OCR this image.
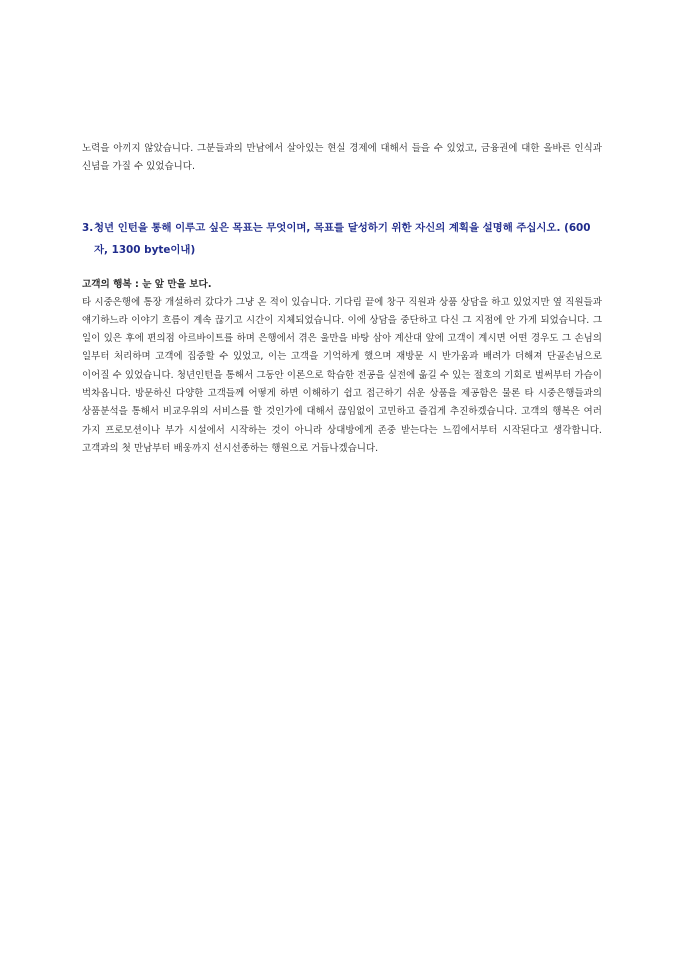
노력을 아끼지 않았습니다. 그분들과의 만남에서 살아있는 현실 경제에 대해서 들을 수 있었고, 금융권에 대한 올바른 인식과 신념을 가질 수 있었습니다.

3. 청년 인턴을 통해 이루고 싶은 목표는 무엇이며, 목표를 달성하기 위한 자신의 계획을 설명해 주십시오. (600자, 1300 byte이내)
고객의 행복 : 눈 앞 만을 보다.

타 시중은행에 통장 개설하러 갔다가 그냥 온 적이 있습니다. 기다림 끝에 창구 직원과 상품 상담을 하고 있었지만 옆 직원들과 얘기하느라 이야기 흐름이 계속 끊기고 시간이 지체되었습니다. 이에 상담을 중단하고 다신 그 지점에 안 가게 되었습니다. 그 일이 있은 후에 편의점 아르바이트를 하며 은행에서 겪은 울만을 바탕 삼아 계산대 앞에 고객이 계시면 어떤 경우도 그 손님의 일부터 처리하며 고객에 집중할 수 있었고, 이는 고객을 기억하게 했으며 재방문 시 반가움과 배려가 더해져 단골손님으로 이어질 수 있었습니다. 청년인턴을 통해서 그동안 이론으로 학습한 전공을 실전에 옮길 수 있는 절호의 기회로 벌써부터 가슴이 벅차옵니다. 방문하신 다양한 고객들께 어떻게 하면 이해하기 쉽고 접근하기 쉬운 상품을 제공함은 물론 타 시중은행들과의 상품분석을 통해서 비교우위의 서비스를 할 것인가에 대해서 끊임없이 고민하고 즐겁게 추진하겠습니다. 고객의 행복은 여러 가지 프로모션이나 부가 시설에서 시작하는 것이 아니라 상대방에게 존중 받는다는 느낌에서부터 시작된다고 생각합니다. 고객과의 첫 만남부터 배웅까지 선시선종하는 행원으로 거듭나겠습니다.
